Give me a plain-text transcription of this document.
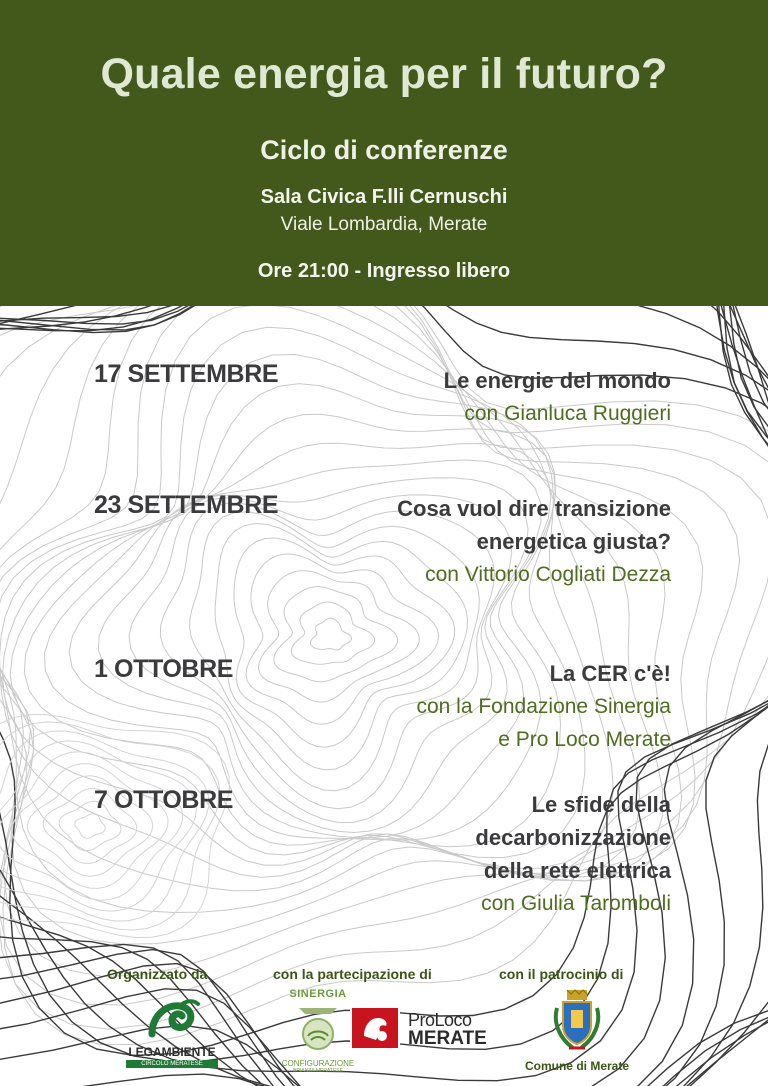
Quale energia per il futuro?
Ciclo di conferenze
Sala Civica F.lli Cernuschi
Viale Lombardia, Merate
Ore 21:00 - Ingresso libero
17 SETTEMBRE	Le energie del mondo
con Gianluca Ruggieri
23 SETTEMBRE	Cosa vuol dire transizione
energetica giusta?
con Vittorio Cogliati Dezza
1 OTTOBRE	La CER c'è!
con la Fondazione Sinergia
e Pro Loco Merate
7 OTTOBRE	Le sfide della
decarbonizzazione
della rete elettrica
con Giulia Taromboli
Organizzato da	con la partecipazione di	con il patrocinio di
LEGAMBIENTE
CIRCOLO MERATESE
SINERGIA
CONFIGURAZIONE
BRIANZA MERATESE
ProLoco
MERATE
Comune di Merate
